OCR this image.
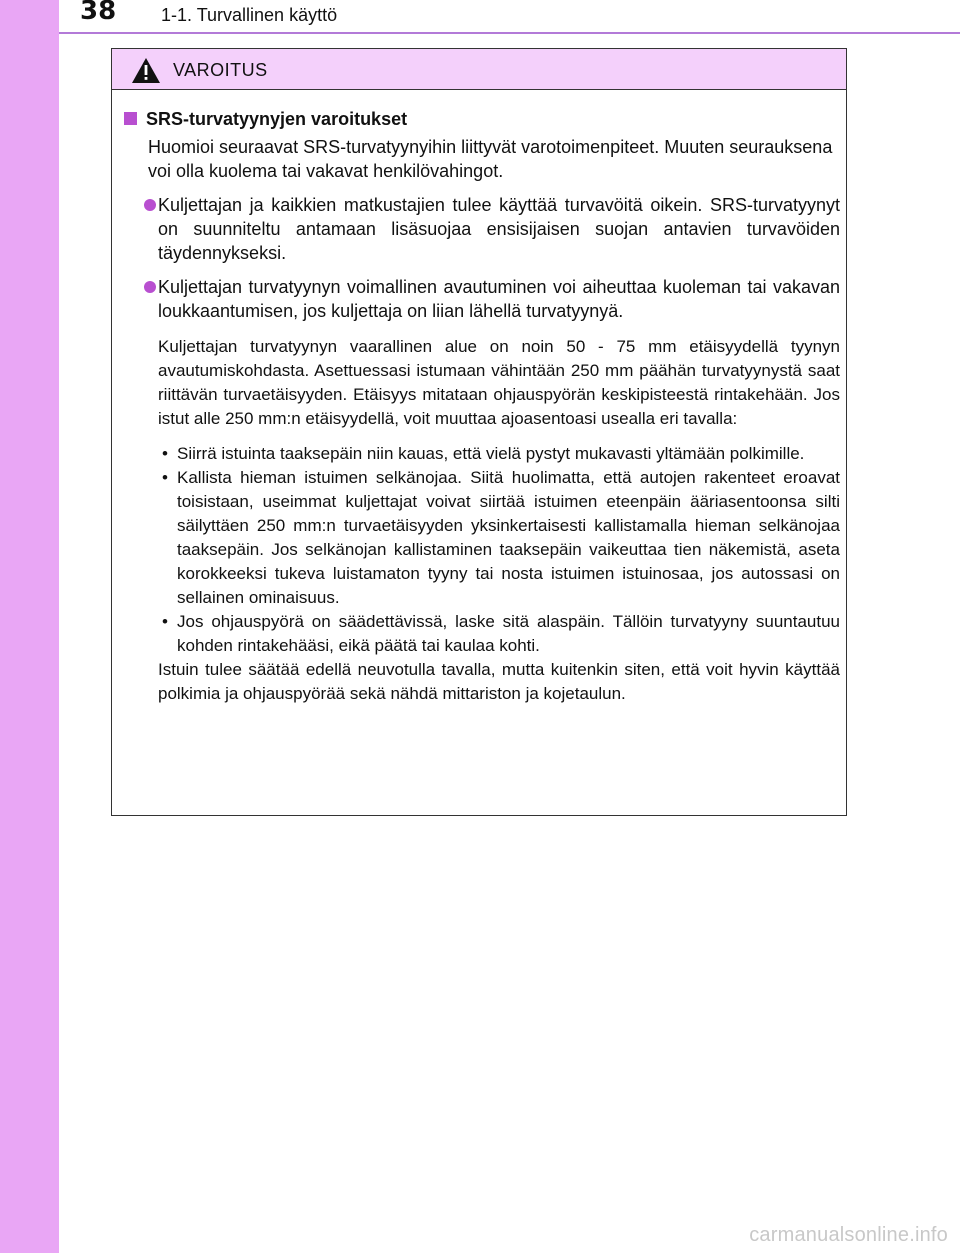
38 1-1. Turvallinen käyttö
VAROITUS
SRS-turvatyynyjen varoitukset
Huomioi seuraavat SRS-turvatyynyihin liittyvät varotoimenpiteet. Muuten seurauksena voi olla kuolema tai vakavat henkilövahingot.
Kuljettajan ja kaikkien matkustajien tulee käyttää turvavöitä oikein. SRS-turvatyynyt on suunniteltu antamaan lisäsuojaa ensisijaisen suojan antavien turvavöiden täydennykseksi.
Kuljettajan turvatyynyn voimallinen avautuminen voi aiheuttaa kuoleman tai vakavan loukkaantumisen, jos kuljettaja on liian lähellä turvatyynyä.
Kuljettajan turvatyynyn vaarallinen alue on noin 50 - 75 mm etäisyydellä tyynyn avautumiskohdasta. Asettuessasi istumaan vähintään 250 mm päähän turvatyynystä saat riittävän turvaetäisyyden. Etäisyys mitataan ohjauspyörän keskipisteestä rintakehään. Jos istut alle 250 mm:n etäisyydellä, voit muuttaa ajoasentoasi usealla eri tavalla:
• Siirrä istuinta taaksepäin niin kauas, että vielä pystyt mukavasti yltämään polkimille.
• Kallista hieman istuimen selkänojaa. Siitä huolimatta, että autojen rakenteet eroavat toisistaan, useimmat kuljettajat voivat siirtää istuimen eteenpäin ääriasentoonsa silti säilyttäen 250 mm:n turvaetäisyyden yksinkertaisesti kallistamalla hieman selkänojaa taaksepäin. Jos selkänojan kallistaminen taaksepäin vaikeuttaa tien näkemistä, aseta korokkeeksi tukeva luistamaton tyyny tai nosta istuimen istuinosaa, jos autossasi on sellainen ominaisuus.
• Jos ohjauspyörä on säädettävissä, laske sitä alaspäin. Tällöin turvatyyny suuntautuu kohden rintakehääsi, eikä päätä tai kaulaa kohti.
Istuin tulee säätää edellä neuvotulla tavalla, mutta kuitenkin siten, että voit hyvin käyttää polkimia ja ohjauspyörää sekä nähdä mittariston ja kojetaulun.
carmanualsonline.info
